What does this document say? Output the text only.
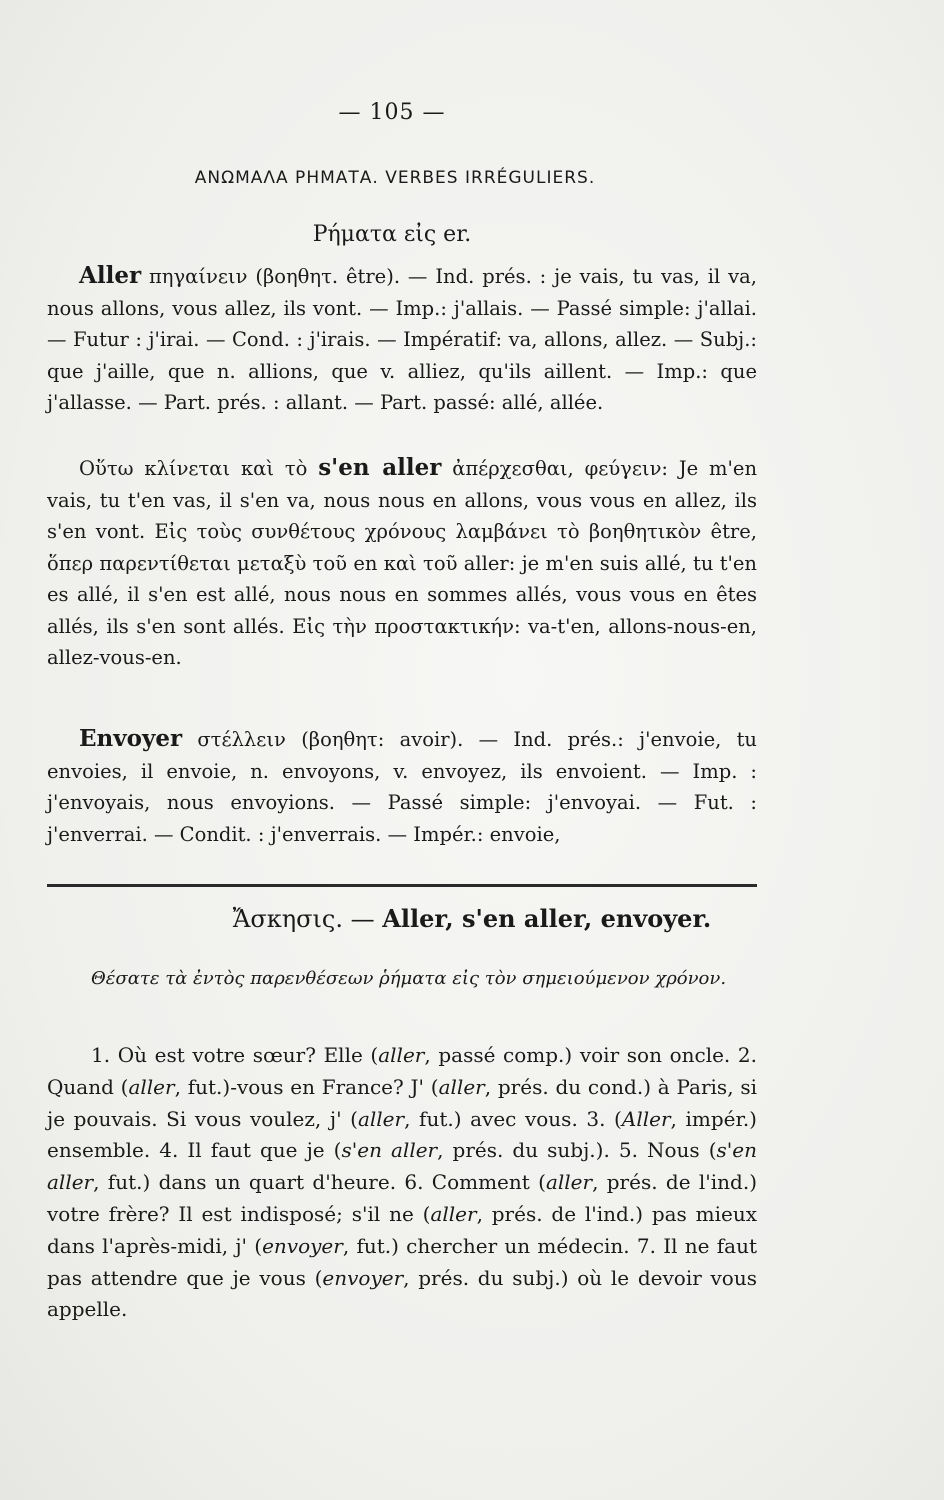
— 105 —
ΑΝΩΜΑΛΑ ΡΗΜΑΤΑ. VERBES IRRÉGULIERS.
Ρήματα εἰς er.

Aller πηγαίνειν (βοηθητ. être). — Ind. prés. : je vais, tu vas, il va, nous allons, vous allez, ils vont. — Imp.: j'allais. — Passé simple: j'allai. — Futur : j'irai. — Cond. : j'irais. — Impératif: va, allons, allez. — Subj.: que j'aille, que n. allions, que v. alliez, qu'ils aillent. — Imp.: que j'allasse. — Part. prés. : allant. — Part. passé: allé, allée.

Οὕτω κλίνεται καὶ τὸ s'en aller ἀπέρχεσθαι, φεύγειν: Je m'en vais, tu t'en vas, il s'en va, nous nous en allons, vous vous en allez, ils s'en vont. Εἰς τοὺς συνθέτους χρόνους λαμβάνει τὸ βοηθητικὸν être, ὅπερ παρεντίθεται μεταξὺ τοῦ en καὶ τοῦ aller: je m'en suis allé, tu t'en es allé, il s'en est allé, nous nous en sommes allés, vous vous en êtes allés, ils s'en sont allés. Εἰς τὴν προστακτικήν: va-t'en, allons-nous-en, allez-vous-en.

Envoyer στέλλειν (βοηθητ: avoir). — Ind. prés.: j'envoie, tu envoies, il envoie, n. envoyons, v. envoyez, ils envoient. — Imp. : j'envoyais, nous envoyions. — Passé simple: j'envoyai. — Fut. : j'enverrai. — Condit. : j'enverrais. — Impér.: envoie,

Ἄσκησις. — Aller, s'en aller, envoyer.
Θέσατε τὰ ἐντὸς παρενθέσεων ῥήματα εἰς τὸν σημειούμενον χρόνον.
1. Où est votre sœur? Elle (aller, passé comp.) voir son oncle. 2. Quand (aller, fut.)-vous en France? J' (aller, prés. du cond.) à Paris, si je pouvais. Si vous voulez, j' (aller, fut.) avec vous. 3. (Aller, impér.) ensemble. 4. Il faut que je (s'en aller, prés. du subj.). 5. Nous (s'en aller, fut.) dans un quart d'heure. 6. Comment (aller, prés. de l'ind.) votre frère? Il est indisposé; s'il ne (aller, prés. de l'ind.) pas mieux dans l'après-midi, j' (envoyer, fut.) chercher un médecin. 7. Il ne faut pas attendre que je vous (envoyer, prés. du subj.) où le devoir vous appelle.
